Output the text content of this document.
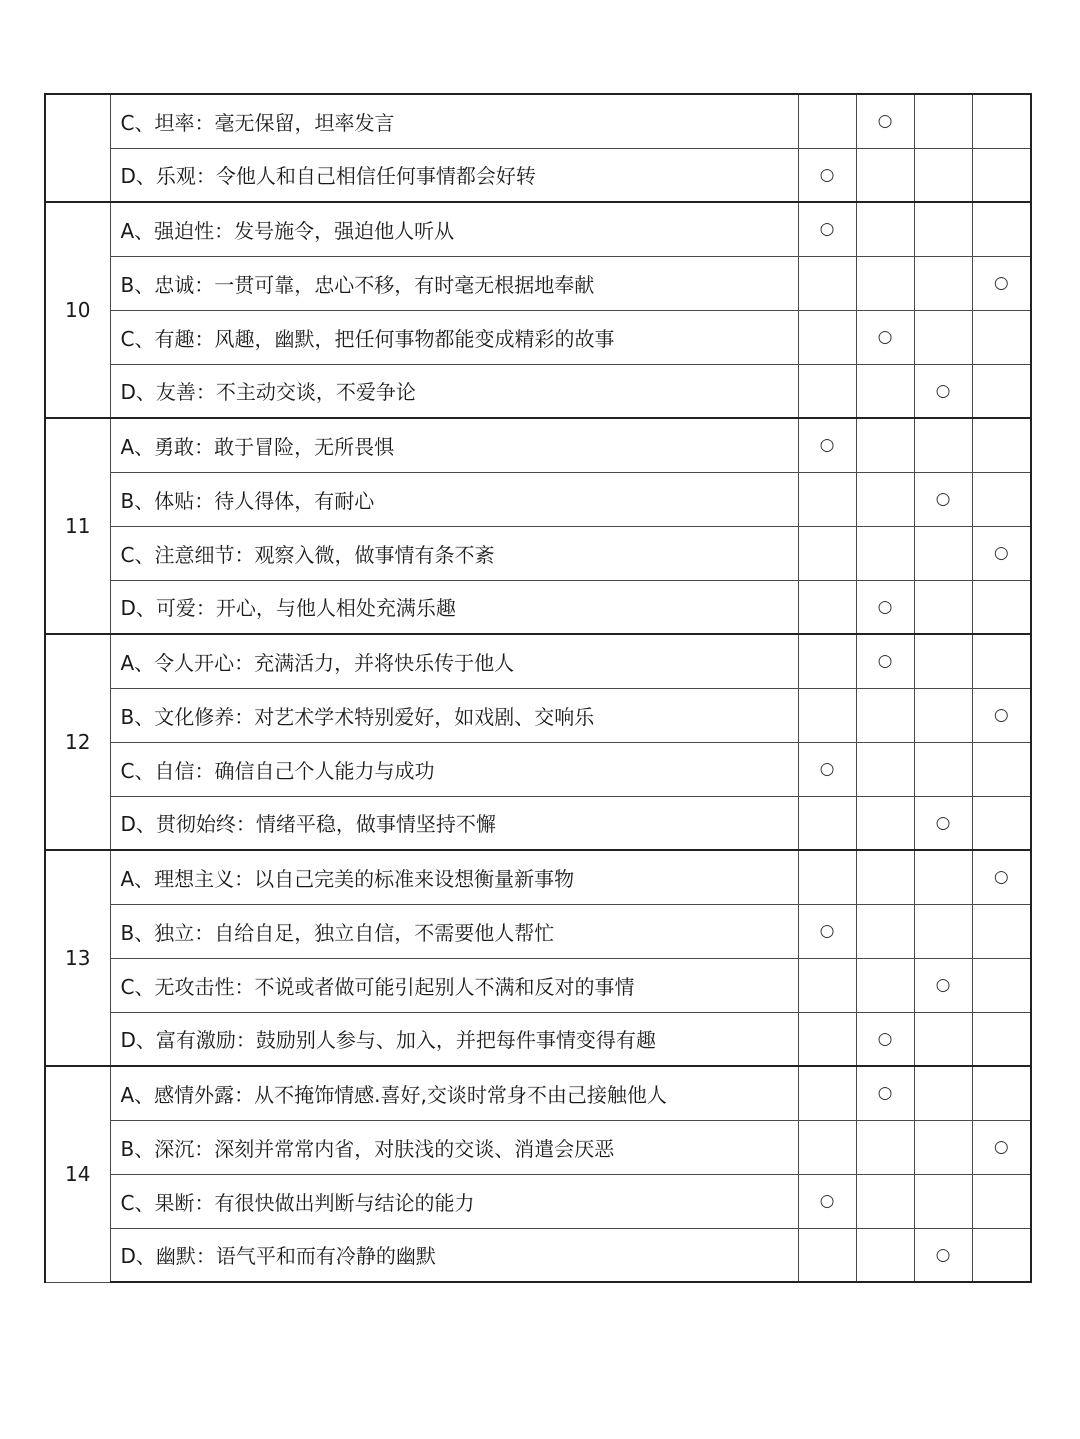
	C、坦率：毫无保留，坦率发言		○		
	D、乐观：令他人和自己相信任何事情都会好转	○			
10	A、强迫性：发号施令，强迫他人听从	○			
	B、忠诚：一贯可靠，忠心不移，有时毫无根据地奉献				○
	C、有趣：风趣，幽默，把任何事物都能变成精彩的故事		○		
	D、友善：不主动交谈，不爱争论			○	
11	A、勇敢：敢于冒险，无所畏惧	○			
	B、体贴：待人得体，有耐心			○	
	C、注意细节：观察入微，做事情有条不紊				○
	D、可爱：开心，与他人相处充满乐趣		○		
12	A、令人开心：充满活力，并将快乐传于他人		○		
	B、文化修养：对艺术学术特别爱好，如戏剧、交响乐				○
	C、自信：确信自己个人能力与成功	○			
	D、贯彻始终：情绪平稳，做事情坚持不懈			○	
13	A、理想主义：以自己完美的标准来设想衡量新事物				○
	B、独立：自给自足，独立自信，不需要他人帮忙	○			
	C、无攻击性：不说或者做可能引起别人不满和反对的事情			○	
	D、富有激励：鼓励别人参与、加入，并把每件事情变得有趣		○		
14	A、感情外露：从不掩饰情感.喜好,交谈时常身不由己接触他人		○		
	B、深沉：深刻并常常内省，对肤浅的交谈、消遣会厌恶				○
	C、果断：有很快做出判断与结论的能力	○			
	D、幽默：语气平和而有冷静的幽默			○	
